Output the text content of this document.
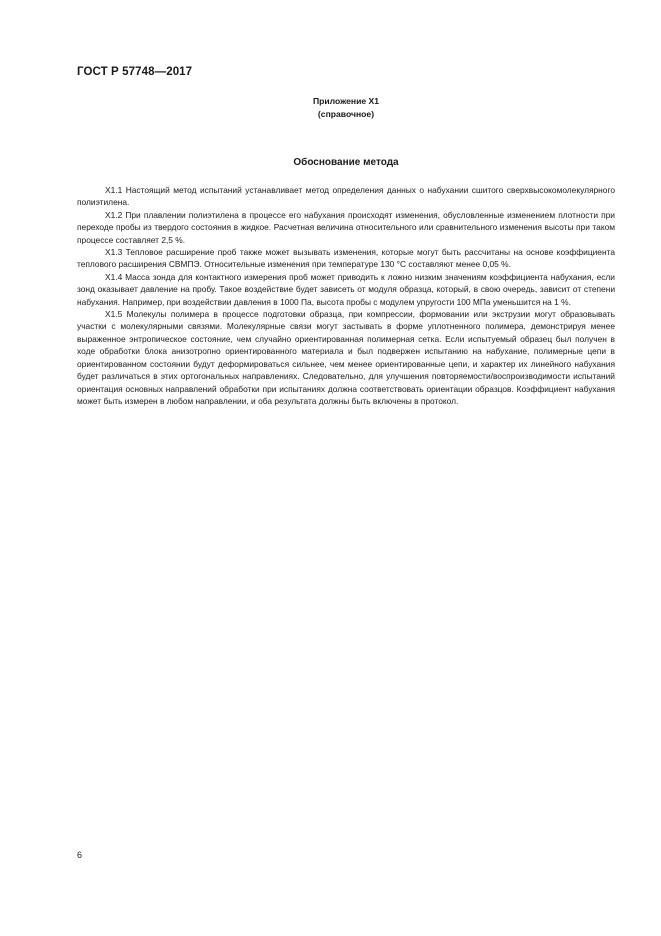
ГОСТ Р 57748—2017
Приложение X1
(справочное)
Обоснование метода

X1.1 Настоящий метод испытаний устанавливает метод определения данных о набухании сшитого сверхвысокомолекулярного полиэтилена.

X1.2 При плавлении полиэтилена в процессе его набухания происходят изменения, обусловленные изменением плотности при переходе пробы из твердого состояния в жидкое. Расчетная величина относительного или сравнительного изменения высоты при таком процессе составляет 2,5 %.

X1.3 Тепловое расширение проб также может вызывать изменения, которые могут быть рассчитаны на основе коэффициента теплового расширения СВМПЭ. Относительные изменения при температуре 130 °С составляют менее 0,05 %.

X1.4 Масса зонда для контактного измерения проб может приводить к ложно низким значениям коэффициента набухания, если зонд оказывает давление на пробу. Такое воздействие будет зависеть от модуля образца, который, в свою очередь, зависит от степени набухания. Например, при воздействии давления в 1000 Па, высота пробы с модулем упругости 100 МПа уменьшится на 1 %.

X1.5 Молекулы полимера в процессе подготовки образца, при компрессии, формовании или экструзии могут образовывать участки с молекулярными связями. Молекулярные связи могут застывать в форме уплотненного полимера, демонстрируя менее выраженное энтропическое состояние, чем случайно ориентированная полимерная сетка. Если испытуемый образец был получен в ходе обработки блока анизотропно ориентированного материала и был подвержен испытанию на набухание, полимерные цепи в ориентированном состоянии будут деформироваться сильнее, чем менее ориентированные цепи, и характер их линейного набухания будет различаться в этих ортогональных направлениях. Следовательно, для улучшения повторяемости/воспроизводимости испытаний ориентация основных направлений обработки при испытаниях должна соответствовать ориентации образцов. Коэффициент набухания может быть измерен в любом направлении, и оба результата должны быть включены в протокол.

6
